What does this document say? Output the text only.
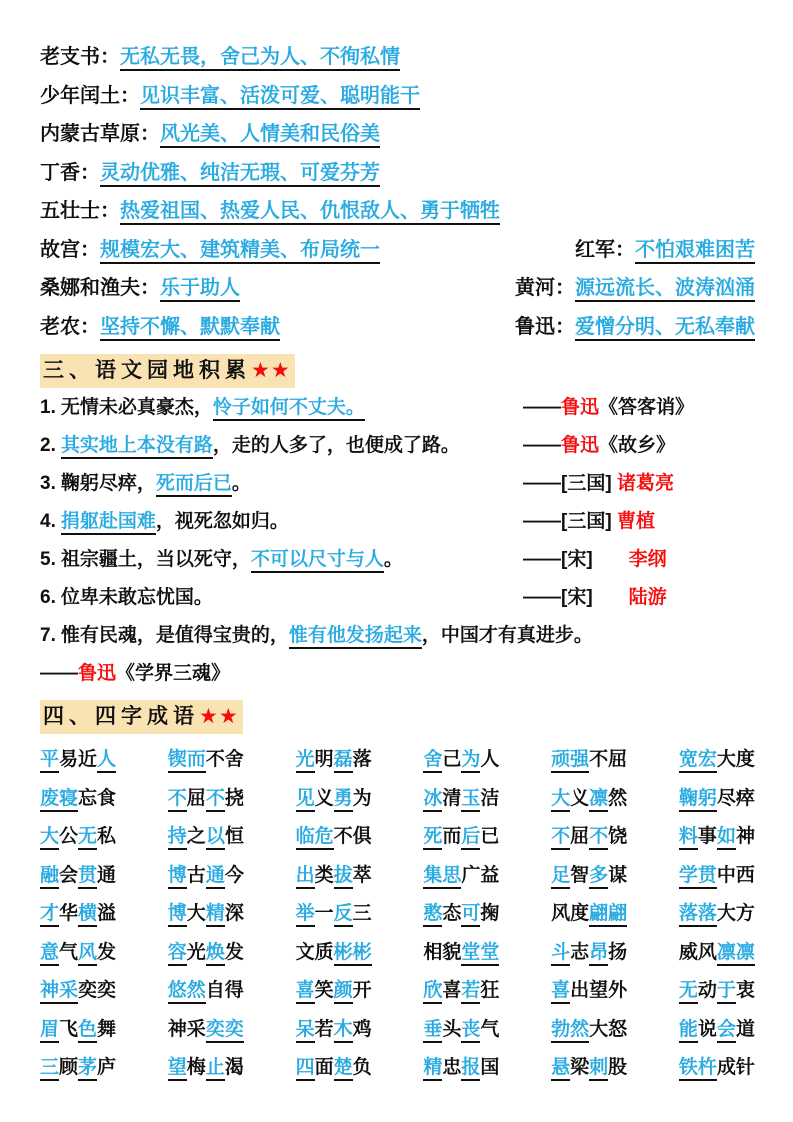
老支书：无私无畏，舍己为人、不徇私情
少年闰土：见识丰富、活泼可爱、聪明能干
内蒙古草原：风光美、人情美和民俗美
丁香：灵动优雅、纯洁无瑕、可爱芬芳
五壮士：热爱祖国、热爱人民、仇恨敌人、勇于牺牲
故宫：规模宏大、建筑精美、布局统一	红军：不怕艰难困苦
桑娜和渔夫：乐于助人	黄河：源远流长、波涛汹涌
老农：坚持不懈、默默奉献	鲁迅：爱憎分明、无私奉献
三、语文园地积累★★
1. 无情未必真豪杰，怜子如何不丈夫。	——鲁迅《答客诮》
2. 其实地上本没有路，走的人多了，也便成了路。	——鲁迅《故乡》
3. 鞠躬尽瘁，死而后已。	——[三国] 诸葛亮
4. 捐躯赴国难，视死忽如归。	——[三国] 曹植
5. 祖宗疆土，当以死守，不可以尺寸与人。	——[宋] 李纲
6. 位卑未敢忘忧国。	——[宋] 陆游
7. 惟有民魂，是值得宝贵的，惟有他发扬起来，中国才有真进步。
——鲁迅《学界三魂》
四、四字成语★★
平易近人	锲而不舍	光明磊落	舍己为人	顽强不屈	宽宏大度
废寝忘食	不屈不挠	见义勇为	冰清玉洁	大义凛然	鞠躬尽瘁
大公无私	持之以恒	临危不俱	死而后已	不屈不饶	料事如神
融会贯通	博古通今	出类拔萃	集思广益	足智多谋	学贯中西
才华横溢	博大精深	举一反三	憨态可掬	风度翩翩	落落大方
意气风发	容光焕发	文质彬彬	相貌堂堂	斗志昂扬	威风凛凛
神采奕奕	悠然自得	喜笑颜开	欣喜若狂	喜出望外	无动于衷
眉飞色舞	神采奕奕	呆若木鸡	垂头丧气	勃然大怒	能说会道
三顾茅庐	望梅止渴	四面楚负	精忠报国	悬梁刺股	铁杵成针
